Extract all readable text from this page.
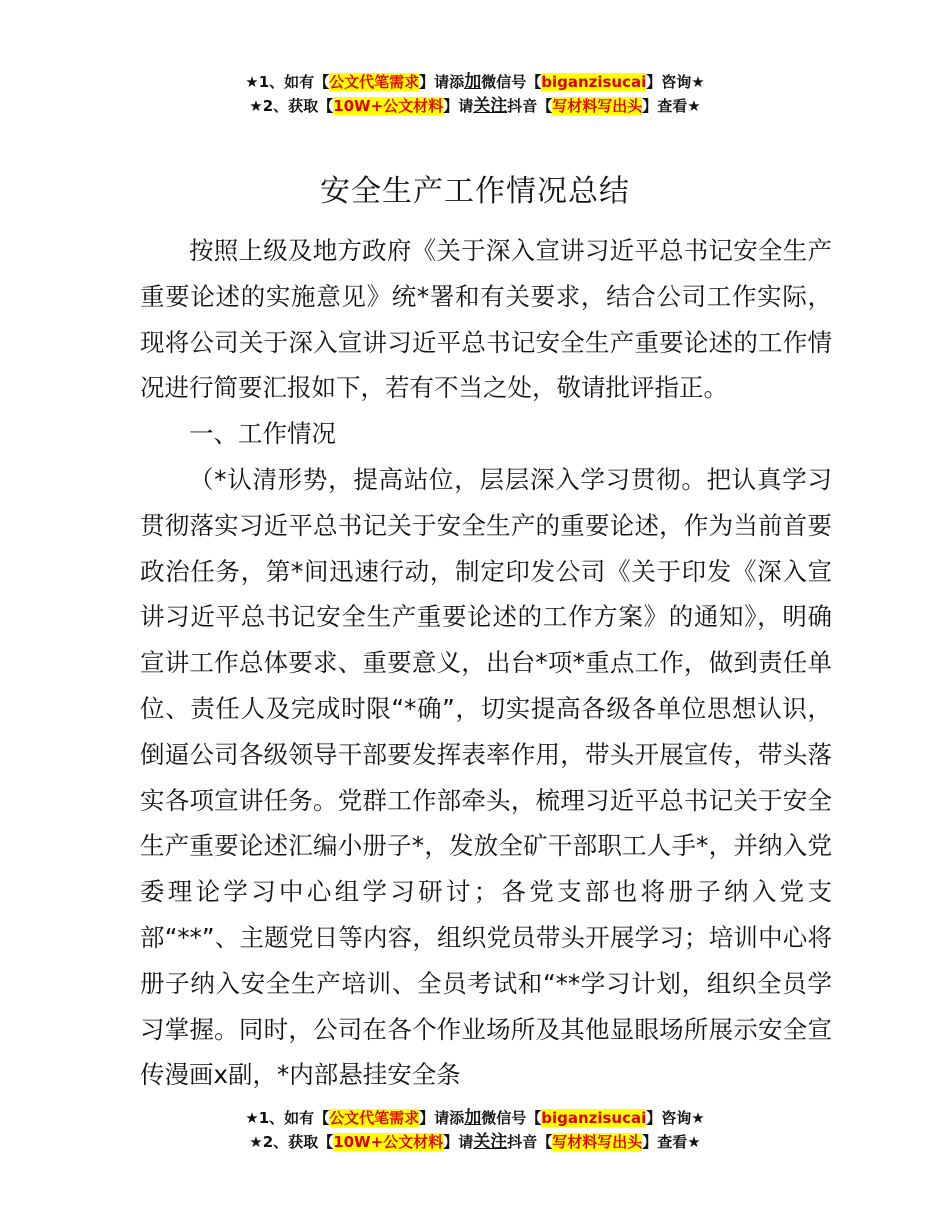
★1、如有【公文代笔需求】请添加微信号【biganzisucai】咨询★
★2、获取【10W+公文材料】请关注抖音【写材料写出头】查看★
安全生产工作情况总结

按照上级及地方政府《关于深入宣讲习近平总书记安全生产重要论述的实施意见》统*署和有关要求，结合公司工作实际，现将公司关于深入宣讲习近平总书记安全生产重要论述的工作情况进行简要汇报如下，若有不当之处，敬请批评指正。

一、工作情况

（*认清形势，提高站位，层层深入学习贯彻。把认真学习贯彻落实习近平总书记关于安全生产的重要论述，作为当前首要政治任务，第*间迅速行动，制定印发公司《关于印发《深入宣讲习近平总书记安全生产重要论述的工作方案》的通知》，明确宣讲工作总体要求、重要意义，出台*项*重点工作，做到责任单位、责任人及完成时限“*确”，切实提高各级各单位思想认识，倒逼公司各级领导干部要发挥表率作用，带头开展宣传，带头落实各项宣讲任务。党群工作部牵头，梳理习近平总书记关于安全生产重要论述汇编小册子*，发放全矿干部职工人手*，并纳入党委理论学习中心组学习研讨；各党支部也将册子纳入党支部“**”、主题党日等内容，组织党员带头开展学习；培训中心将册子纳入安全生产培训、全员考试和“**学习计划，组织全员学习掌握。同时，公司在各个作业场所及其他显眼场所展示安全宣传漫画x副，*内部悬挂安全条

★1、如有【公文代笔需求】请添加微信号【biganzisucai】咨询★
★2、获取【10W+公文材料】请关注抖音【写材料写出头】查看★
